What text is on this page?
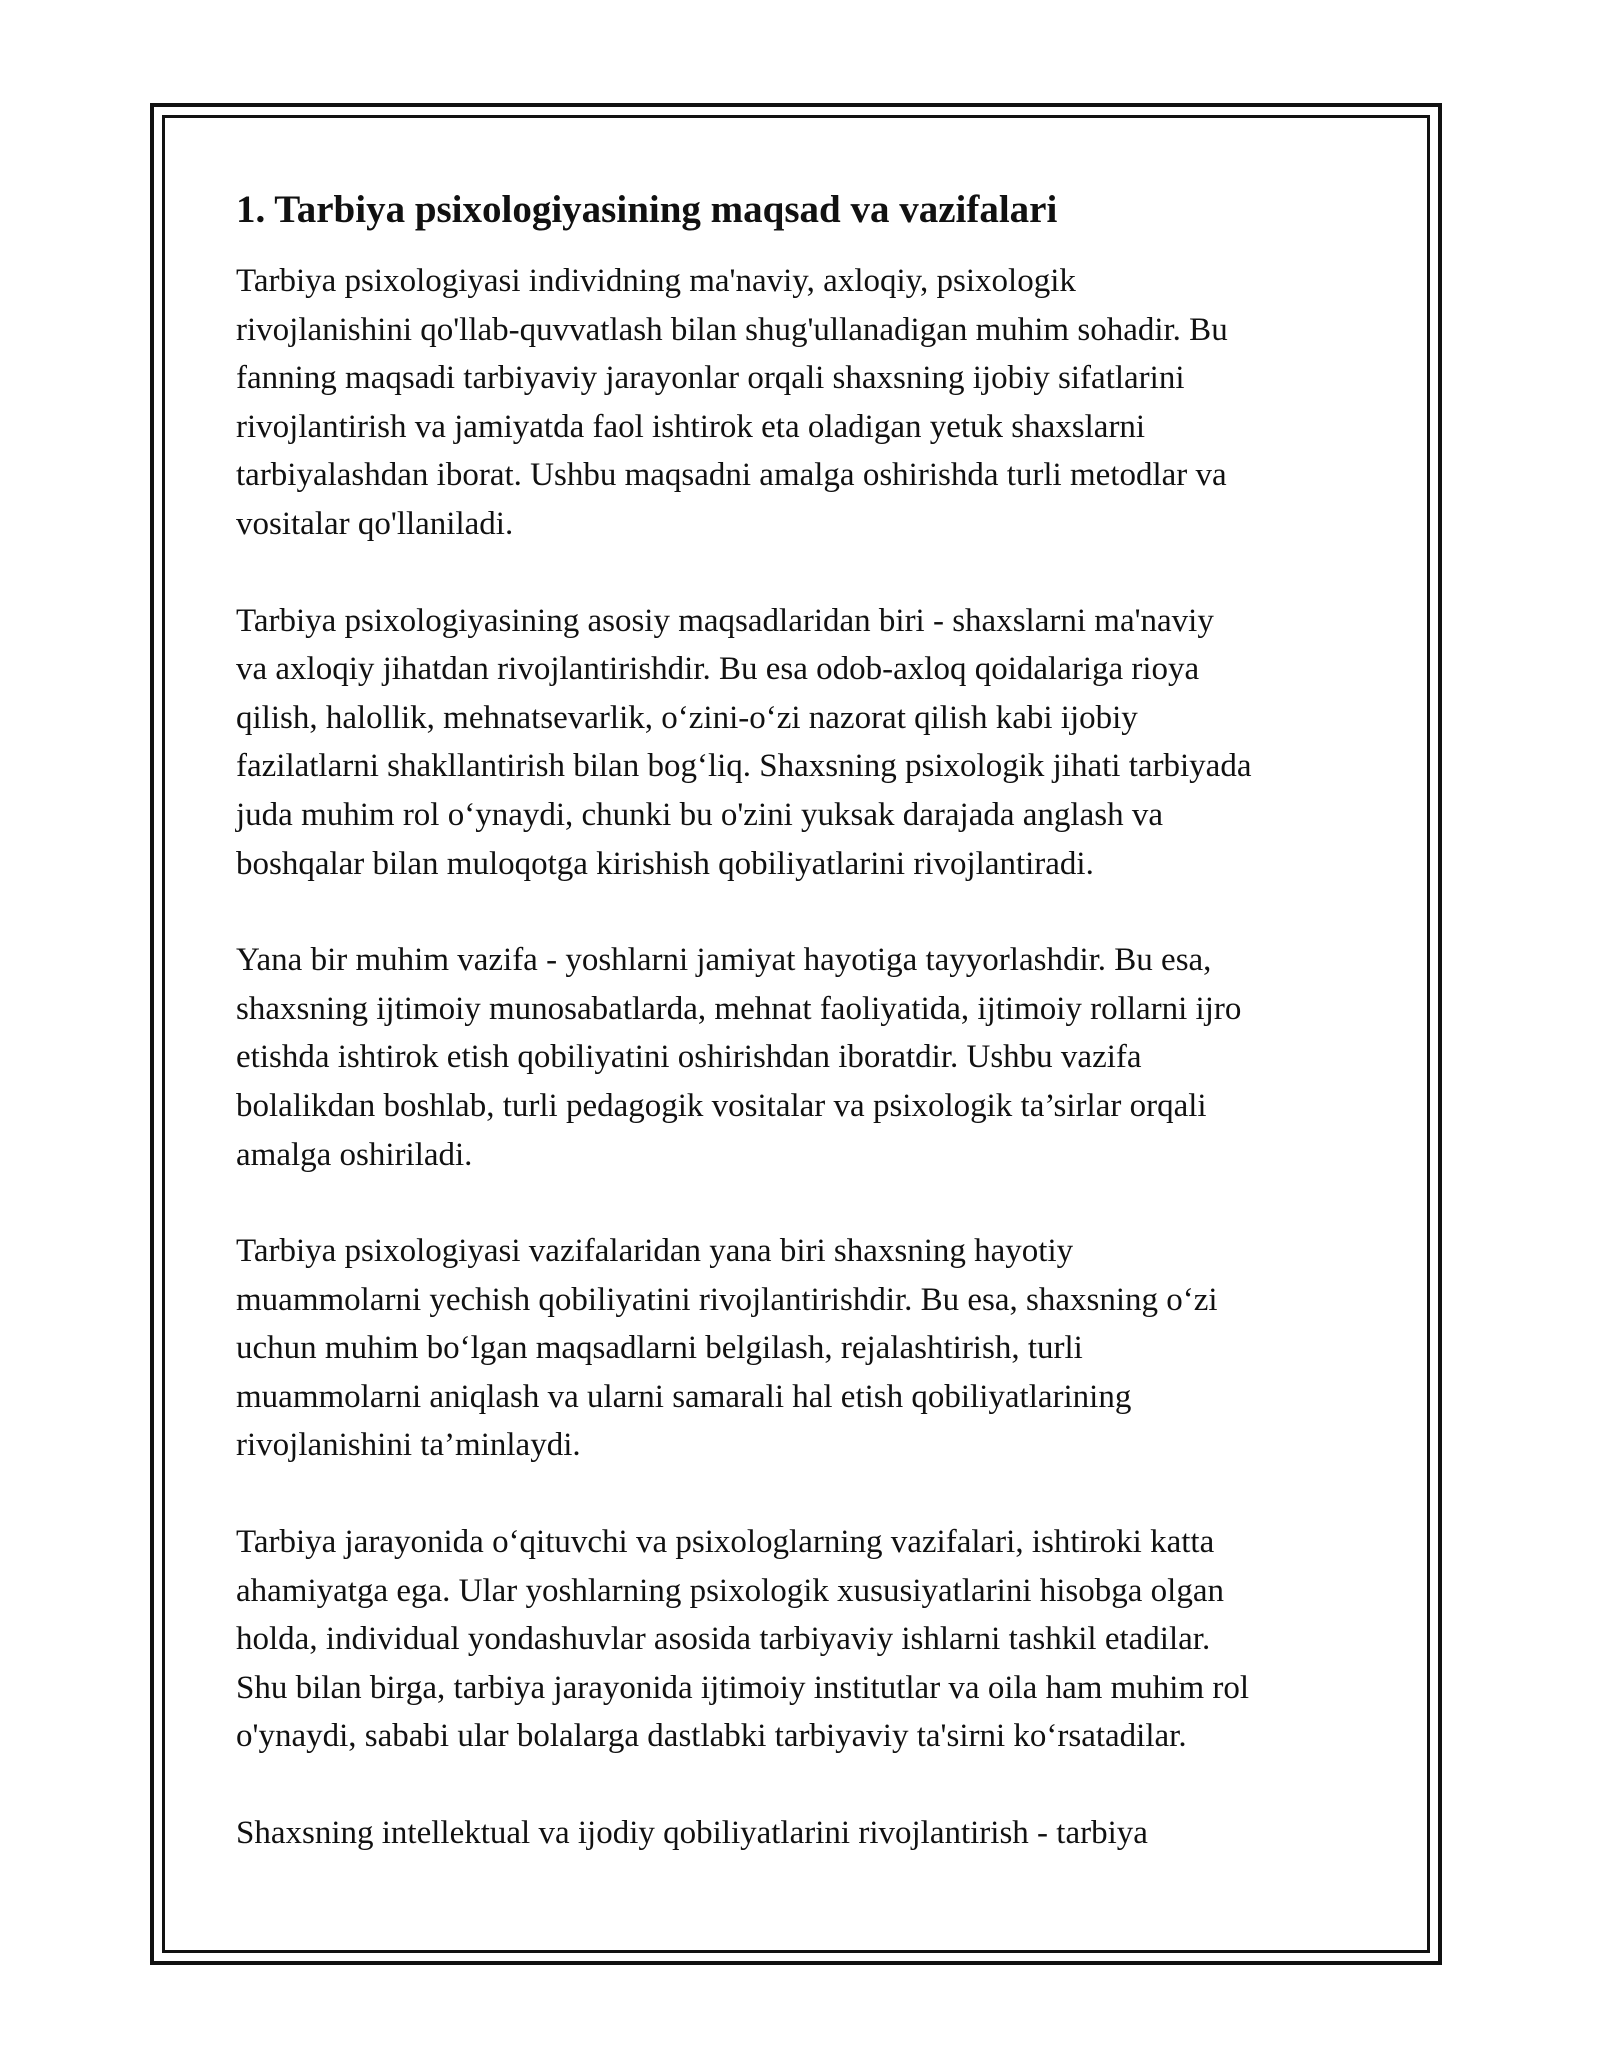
1. Tarbiya psixologiyasining maqsad va vazifalari
Tarbiya psixologiyasi individning ma'naviy, axloqiy, psixologik
rivojlanishini qo'llab-quvvatlash bilan shug'ullanadigan muhim sohadir. Bu
fanning maqsadi tarbiyaviy jarayonlar orqali shaxsning ijobiy sifatlarini
rivojlantirish va jamiyatda faol ishtirok eta oladigan yetuk shaxslarni
tarbiyalashdan iborat. Ushbu maqsadni amalga oshirishda turli metodlar va
vositalar qo'llaniladi.
Tarbiya psixologiyasining asosiy maqsadlaridan biri - shaxslarni ma'naviy
va axloqiy jihatdan rivojlantirishdir. Bu esa odob-axloq qoidalariga rioya
qilish, halollik, mehnatsevarlik, o‘zini-o‘zi nazorat qilish kabi ijobiy
fazilatlarni shakllantirish bilan bog‘liq. Shaxsning psixologik jihati tarbiyada
juda muhim rol o‘ynaydi, chunki bu o'zini yuksak darajada anglash va
boshqalar bilan muloqotga kirishish qobiliyatlarini rivojlantiradi.
Yana bir muhim vazifa - yoshlarni jamiyat hayotiga tayyorlashdir. Bu esa,
shaxsning ijtimoiy munosabatlarda, mehnat faoliyatida, ijtimoiy rollarni ijro
etishda ishtirok etish qobiliyatini oshirishdan iboratdir. Ushbu vazifa
bolalikdan boshlab, turli pedagogik vositalar va psixologik ta’sirlar orqali
amalga oshiriladi.
Tarbiya psixologiyasi vazifalaridan yana biri shaxsning hayotiy
muammolarni yechish qobiliyatini rivojlantirishdir. Bu esa, shaxsning o‘zi
uchun muhim bo‘lgan maqsadlarni belgilash, rejalashtirish, turli
muammolarni aniqlash va ularni samarali hal etish qobiliyatlarining
rivojlanishini ta’minlaydi.
Tarbiya jarayonida o‘qituvchi va psixologlarning vazifalari, ishtiroki katta
ahamiyatga ega. Ular yoshlarning psixologik xususiyatlarini hisobga olgan
holda, individual yondashuvlar asosida tarbiyaviy ishlarni tashkil etadilar.
Shu bilan birga, tarbiya jarayonida ijtimoiy institutlar va oila ham muhim rol
o'ynaydi, sababi ular bolalarga dastlabki tarbiyaviy ta'sirni ko‘rsatadilar.
Shaxsning intellektual va ijodiy qobiliyatlarini rivojlantirish - tarbiya
